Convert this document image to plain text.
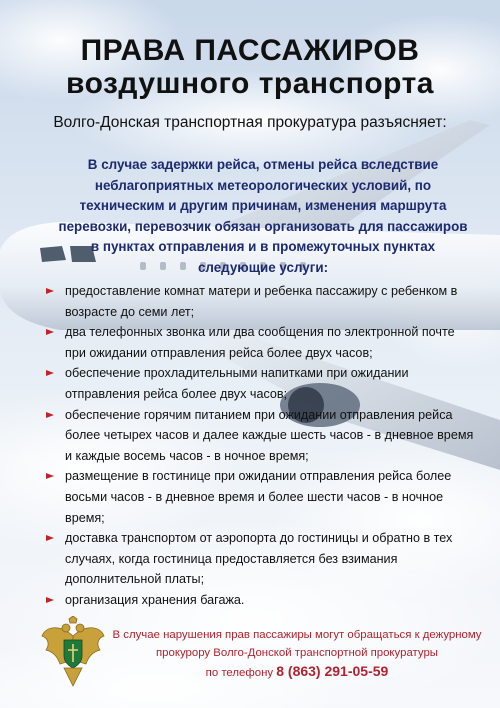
ПРАВА ПАССАЖИРОВ
воздушного транспорта
Волго-Донская транспортная прокуратура разъясняет:
В случае задержки рейса, отмены рейса вследствие неблагоприятных метеорологических условий, по техническим и другим причинам, изменения маршрута перевозки, перевозчик обязан организовать для пассажиров в пунктах отправления и в промежуточных пунктах следующие услуги:
предоставление комнат матери и ребенка пассажиру с ребенком в возрасте до семи лет;
два телефонных звонка или два сообщения по электронной почте при ожидании отправления рейса более двух часов;
обеспечение прохладительными напитками при ожидании отправления рейса более двух часов;
обеспечение горячим питанием при ожидании отправления рейса более четырех часов и далее каждые шесть часов - в дневное время и каждые восемь часов - в ночное время;
размещение в гостинице при ожидании отправления рейса более восьми часов - в дневное время и более шести часов - в ночное время;
доставка транспортом от аэропорта до гостиницы и обратно в тех случаях, когда гостиница предоставляется без взимания дополнительной платы;
организация хранения багажа.
В случае нарушения прав пассажиры могут обращаться к дежурному прокурору Волго-Донской транспортной прокуратуры
по телефону 8 (863) 291-05-59
